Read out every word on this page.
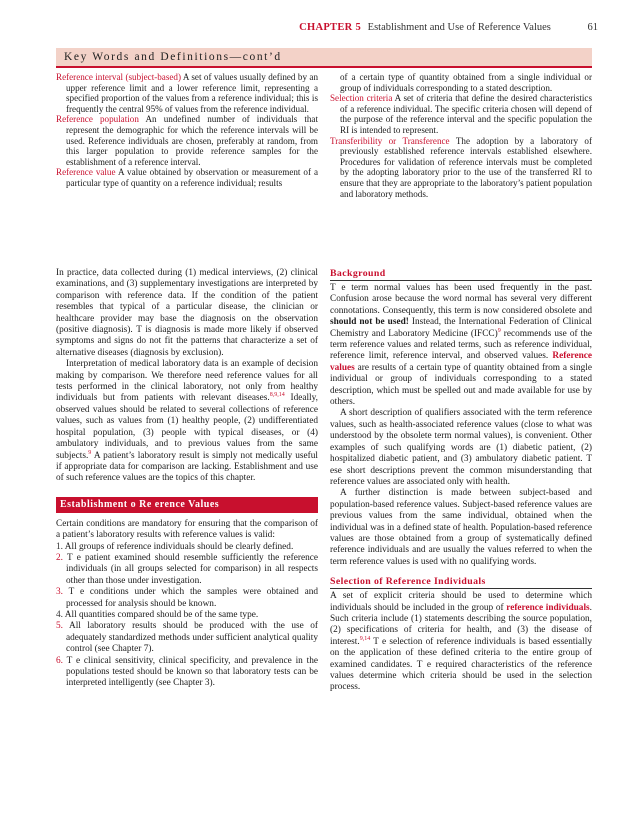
CHAPTER 5 Establishment and Use of Reference Values	61
Key Words and Definitions—cont’d

Reference interval (subject-based) A set of values usually defined by an upper reference limit and a lower reference limit, representing a specified proportion of the values from a reference individual; this is frequently the central 95% of values from the reference individual.

Reference population An undefined number of individuals that represent the demographic for which the reference intervals will be used. Reference individuals are chosen, preferably at random, from this larger population to provide reference samples for the establishment of a reference interval.

Reference value A value obtained by observation or measurement of a particular type of quantity on a reference individual; results

of a certain type of quantity obtained from a single individual or group of individuals corresponding to a stated description.

Selection criteria A set of criteria that define the desired characteristics of a reference individual. The specific criteria chosen will depend of the purpose of the reference interval and the specific population the RI is intended to represent.

Transferibility or Transference The adoption by a laboratory of previously established reference intervals established elsewhere. Procedures for validation of reference intervals must be completed by the adopting laboratory prior to the use of the transferred RI to ensure that they are appropriate to the laboratory’s patient population and laboratory methods.

In practice, data collected during (1) medical interviews, (2) clinical examinations, and (3) supplementary investigations are interpreted by comparison with reference data. If the condition of the patient resembles that typical of a particular disease, the clinician or healthcare provider may base the diagnosis on the observation (positive diagnosis). T is diagnosis is made more likely if observed symptoms and signs do not fit the patterns that characterize a set of alternative diseases (diagnosis by exclusion).

Interpretation of medical laboratory data is an example of decision making by comparison. We therefore need reference values for all tests performed in the clinical laboratory, not only from healthy individuals but from patients with relevant diseases.$^{8,9,14}$ Ideally, observed values should be related to several collections of reference values, such as values from (1) healthy people, (2) undifferentiated hospital population, (3) people with typical diseases, or (4) ambulatory individuals, and to previous values from the same subjects.$^9$ A patient’s laboratory result is simply not medically useful if appropriate data for comparison are lacking. Establishment and use of such reference values are the topics of this chapter.

Establishment o Re erence Values

Certain conditions are mandatory for ensuring that the comparison of a patient’s laboratory results with reference values is valid:

1. All groups of reference individuals should be clearly defined.
2. T e patient examined should resemble sufficiently the reference individuals (in all groups selected for comparison) in all respects other than those under investigation.
3. T e conditions under which the samples were obtained and processed for analysis should be known.
4. All quantities compared should be of the same type.
5. All laboratory results should be produced with the use of adequately standardized methods under sufficient analytical quality control (see Chapter 7).
6. T e clinical sensitivity, clinical specificity, and prevalence in the populations tested should be known so that laboratory tests can be interpreted intelligently (see Chapter 3).
Background

T e term normal values has been used frequently in the past. Confusion arose because the word normal has several very different connotations. Consequently, this term is now considered obsolete and should not be used! Instead, the International Federation of Clinical Chemistry and Laboratory Medicine (IFCC)$^9$ recommends use of the term reference values and related terms, such as reference individual, reference limit, reference interval, and observed values. Reference values are results of a certain type of quantity obtained from a single individual or group of individuals corresponding to a stated description, which must be spelled out and made available for use by others.

A short description of qualifiers associated with the term reference values, such as health-associated reference values (close to what was understood by the obsolete term normal values), is convenient. Other examples of such qualifying words are (1) diabetic patient, (2) hospitalized diabetic patient, and (3) ambulatory diabetic patient. T ese short descriptions prevent the common misunderstanding that reference values are associated only with health.

A further distinction is made between subject-based and population-based reference values. Subject-based reference values are previous values from the same individual, obtained when the individual was in a defined state of health. Population-based reference values are those obtained from a group of systematically defined reference individuals and are usually the values referred to when the term reference values is used with no qualifying words.

Selection of Reference Individuals

A set of explicit criteria should be used to determine which individuals should be included in the group of reference individuals. Such criteria include (1) statements describing the source population, (2) specifications of criteria for health, and (3) the disease of interest.$^{9,14}$ T e selection of reference individuals is based essentially on the application of these defined criteria to the entire group of examined candidates. T e required characteristics of the reference values determine which criteria should be used in the selection process.
